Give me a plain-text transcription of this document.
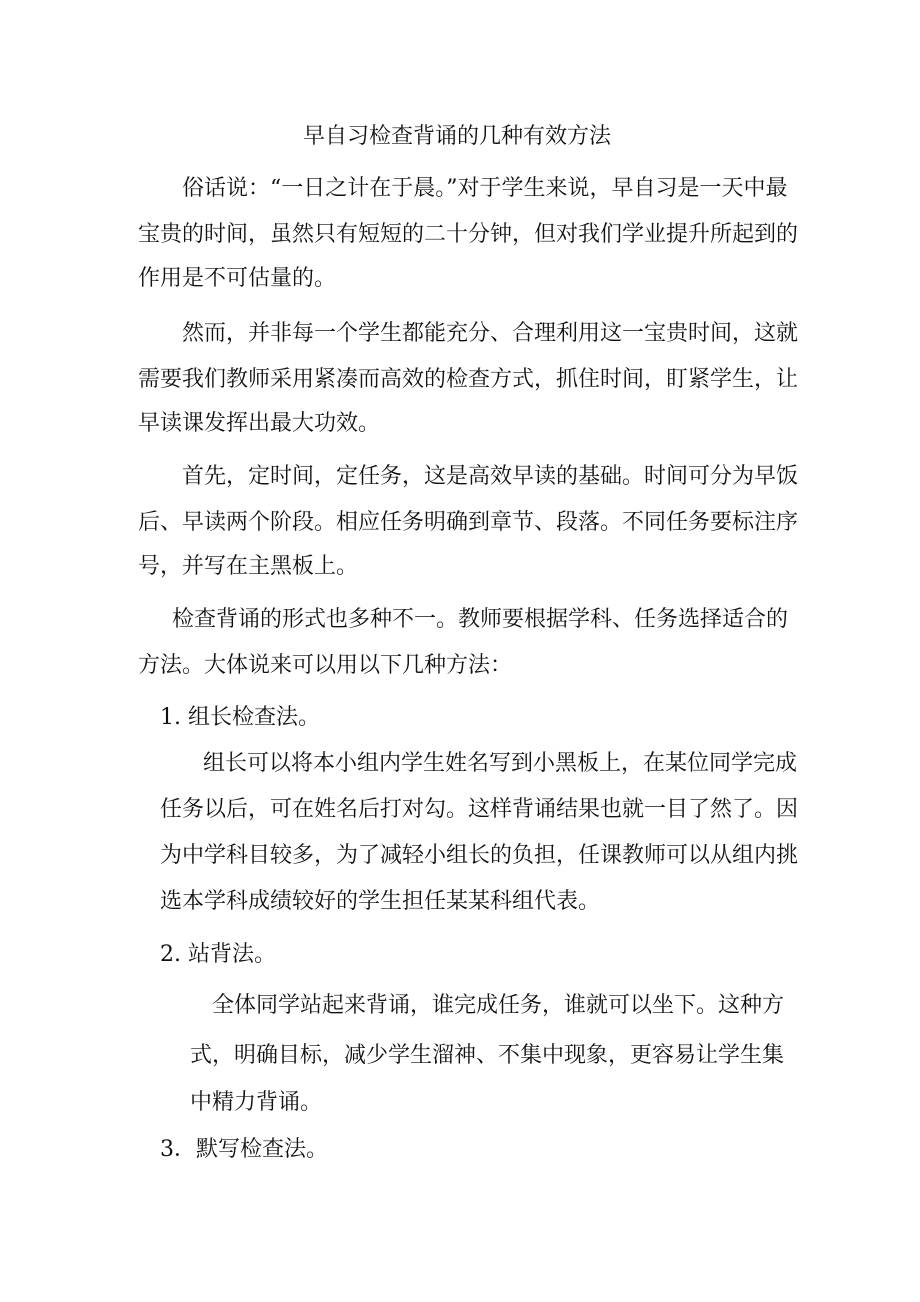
早自习检查背诵的几种有效方法

俗话说：“一日之计在于晨。”对于学生来说，早自习是一天中最

宝贵的时间，虽然只有短短的二十分钟，但对我们学业提升所起到的

作用是不可估量的。

然而，并非每一个学生都能充分、合理利用这一宝贵时间，这就

需要我们教师采用紧凑而高效的检查方式，抓住时间，盯紧学生，让

早读课发挥出最大功效。

首先，定时间，定任务，这是高效早读的基础。时间可分为早饭

后、早读两个阶段。相应任务明确到章节、段落。不同任务要标注序

号，并写在主黑板上。

检查背诵的形式也多种不一。教师要根据学科、任务选择适合的

方法。大体说来可以用以下几种方法：

1. 组长检查法。

组长可以将本小组内学生姓名写到小黑板上，在某位同学完成

任务以后，可在姓名后打对勾。这样背诵结果也就一目了然了。因

为中学科目较多，为了减轻小组长的负担，任课教师可以从组内挑

选本学科成绩较好的学生担任某某科组代表。

2. 站背法。

全体同学站起来背诵，谁完成任务，谁就可以坐下。这种方

式，明确目标，减少学生溜神、不集中现象，更容易让学生集

中精力背诵。

3．默写检查法。
